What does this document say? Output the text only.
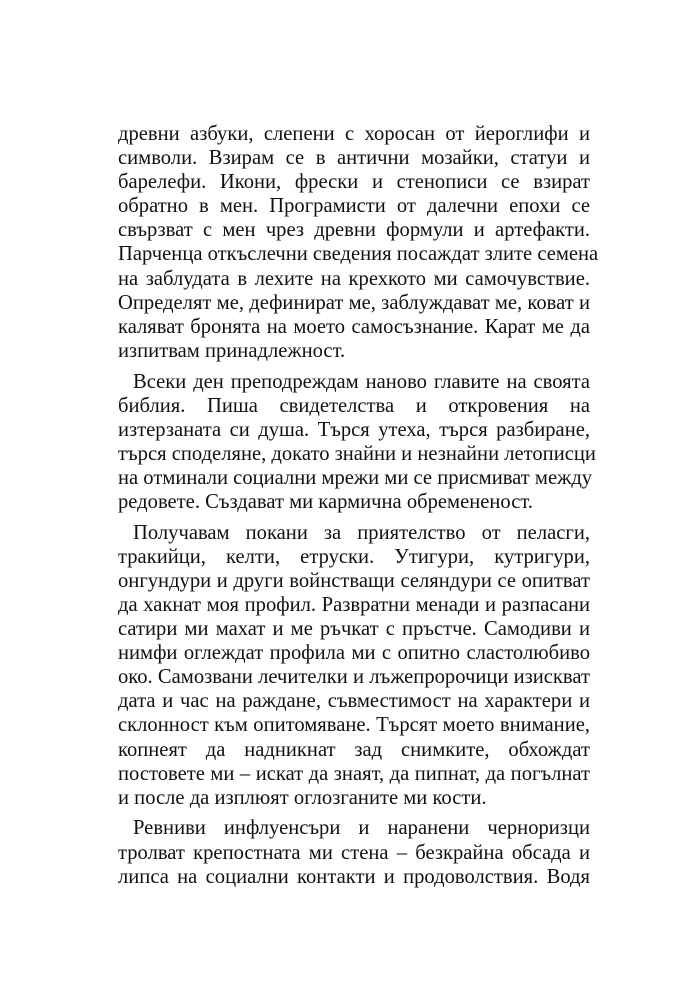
древни азбуки, слепени с хоросан от йероглифи и
символи. Взирам се в антични мозайки, статуи и
барелефи. Икони, фрески и стенописи се взират
обратно в мен. Програмисти от далечни епохи се
свързват с мен чрез древни формули и артефакти.
Парченца откъслечни сведения посаждат злите семена
на заблудата в лехите на крехкото ми самочувствие.
Определят ме, дефинират ме, заблуждават ме, коват и
каляват бронята на моето самосъзнание. Карат ме да
изпитвам принадлежност.
Всеки ден преподреждам наново главите на своята
библия. Пиша свидетелства и откровения на
изтерзаната си душа. Търся утеха, търся разбиране,
търся споделяне, докато знайни и незнайни летописци
на отминали социални мрежи ми се присмиват между
редовете. Създават ми кармична обремененост.
Получавам покани за приятелство от пеласги,
тракийци, келти, етруски. Утигури, кутригури,
онгундури и други войнстващи селяндури се опитват
да хакнат моя профил. Развратни менади и разпасани
сатири ми махат и ме ръчкат с пръстче. Самодиви и
нимфи оглеждат профила ми с опитно сластолюбиво
око. Самозвани лечителки и лъжепророчици изискват
дата и час на раждане, съвместимост на характери и
склонност към опитомяване. Търсят моето внимание,
копнеят да надникнат зад снимките, обхождат
постовете ми – искат да знаят, да пипнат, да погълнат
и после да изплюят оглозганите ми кости.
Ревниви инфлуенсъри и наранени черноризци
тролват крепостната ми стена – безкрайна обсада и
липса на социални контакти и продоволствия. Водя
